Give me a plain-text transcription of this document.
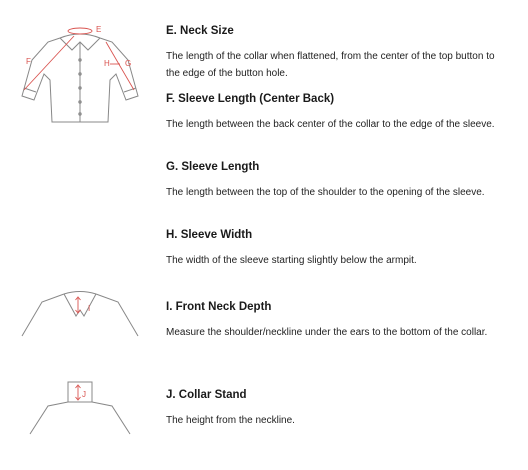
E
F	G
H
I
J
E. Neck Size

The length of the collar when flattened, from the center of the top button to the edge of the button hole.

F. Sleeve Length (Center Back)

The length between the back center of the collar to the edge of the sleeve.

G. Sleeve Length

The length between the top of the shoulder to the opening of the sleeve.

H. Sleeve Width

The width of the sleeve starting slightly below the armpit.

I. Front Neck Depth

Measure the shoulder/neckline under the ears to the bottom of the collar.

J. Collar Stand

The height from the neckline.
